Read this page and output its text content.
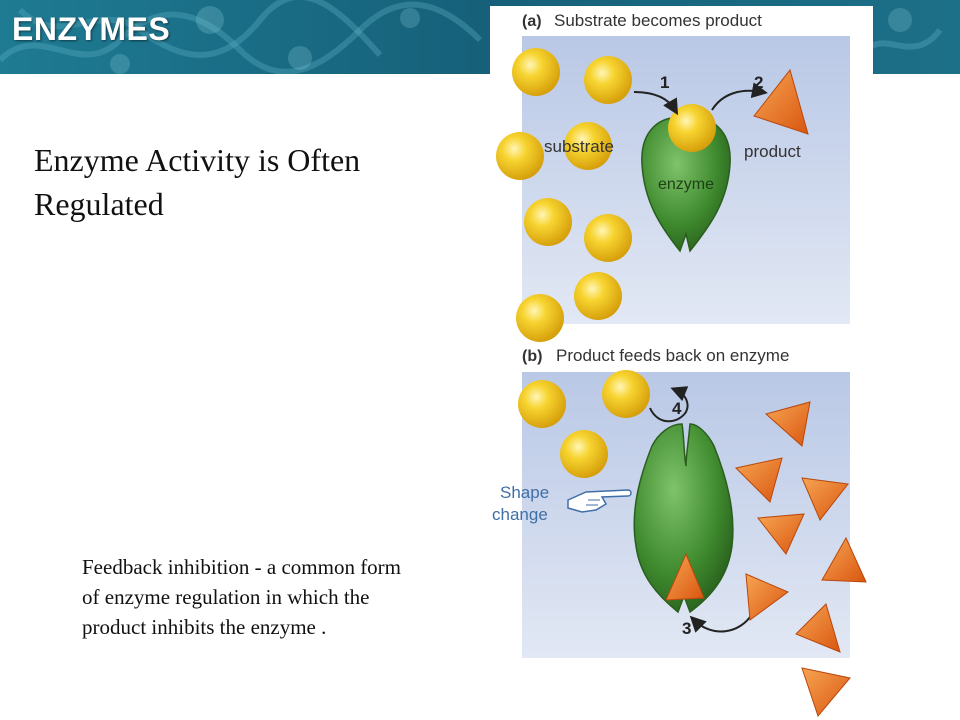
ENZYMES
Enzyme Activity is Often Regulated
Feedback inhibition - a common form of enzyme regulation in which the product inhibits the enzyme .
(a) Substrate becomes product
enzyme
substrate
1	2
product
(b) Product feeds back on enzyme
4
Shape
change
3
